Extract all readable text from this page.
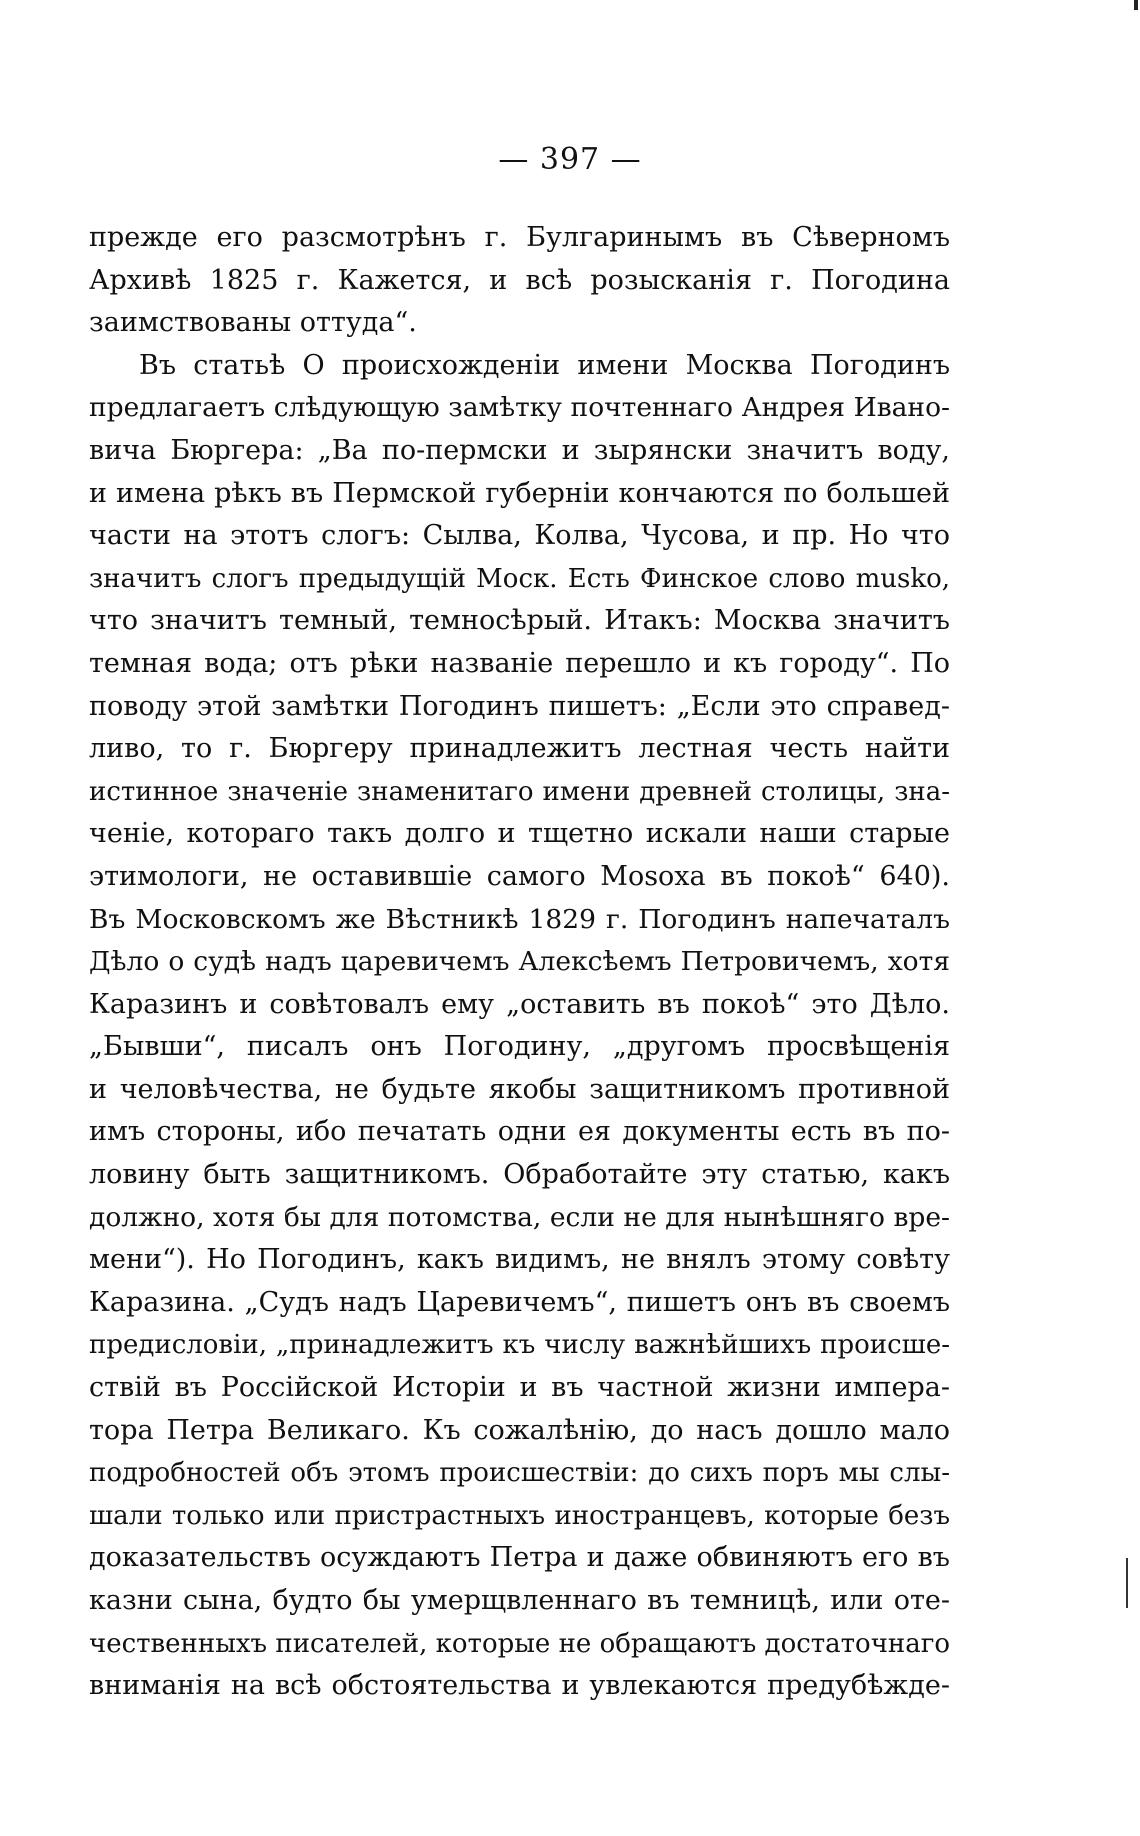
— 397 —
прежде его разсмотрѣнъ г. Булгаринымъ въ Сѣверномъ
Архивѣ 1825 г. Кажется, и всѣ розысканія г. Погодина
заимствованы оттуда“.
Въ статьѣ О происхожденіи имени Москва Погодинъ
предлагаетъ слѣдующую замѣтку почтеннаго Андрея Ивано-
вича Бюргера: „Ва по-пермски и зырянски значитъ воду,
и имена рѣкъ въ Пермской губерніи кончаются по большей
части на этотъ слогъ: Сылва, Колва, Чусова, и пр. Но что
значитъ слогъ предыдущій Моск. Есть Финское слово musko,
что значитъ темный, темносѣрый. Итакъ: Москва значитъ
темная вода; отъ рѣки названіе перешло и къ городу“. По
поводу этой замѣтки Погодинъ пишетъ: „Если это справед-
ливо, то г. Бюргеру принадлежитъ лестная честь найти
истинное значеніе знаменитаго имени древней столицы, зна-
ченіе, котораго такъ долго и тщетно искали наши старые
этимологи, не оставившіе самого Mosoxa въ покоѣ“ 640).
Въ Московскомъ же Вѣстникѣ 1829 г. Погодинъ напечаталъ
Дѣло о судѣ надъ царевичемъ Алексѣемъ Петровичемъ, хотя
Каразинъ и совѣтовалъ ему „оставить въ покоѣ“ это Дѣло.
„Бывши“, писалъ онъ Погодину, „другомъ просвѣщенія
и человѣчества, не будьте якобы защитникомъ противной
имъ стороны, ибо печатать одни ея документы есть въ по-
ловину быть защитникомъ. Обработайте эту статью, какъ
должно, хотя бы для потомства, если не для нынѣшняго вре-
мени“). Но Погодинъ, какъ видимъ, не внялъ этому совѣту
Каразина. „Судъ надъ Царевичемъ“, пишетъ онъ въ своемъ
предисловіи, „принадлежитъ къ числу важнѣйшихъ происше-
ствій въ Россійской Исторіи и въ частной жизни импера-
тора Петра Великаго. Къ сожалѣнію, до насъ дошло мало
подробностей объ этомъ происшествіи: до сихъ поръ мы слы-
шали только или пристрастныхъ иностранцевъ, которые безъ
доказательствъ осуждаютъ Петра и даже обвиняютъ его въ
казни сына, будто бы умерщвленнаго въ темницѣ, или оте-
чественныхъ писателей, которые не обращаютъ достаточнаго
вниманія на всѣ обстоятельства и увлекаются предубѣжде-
